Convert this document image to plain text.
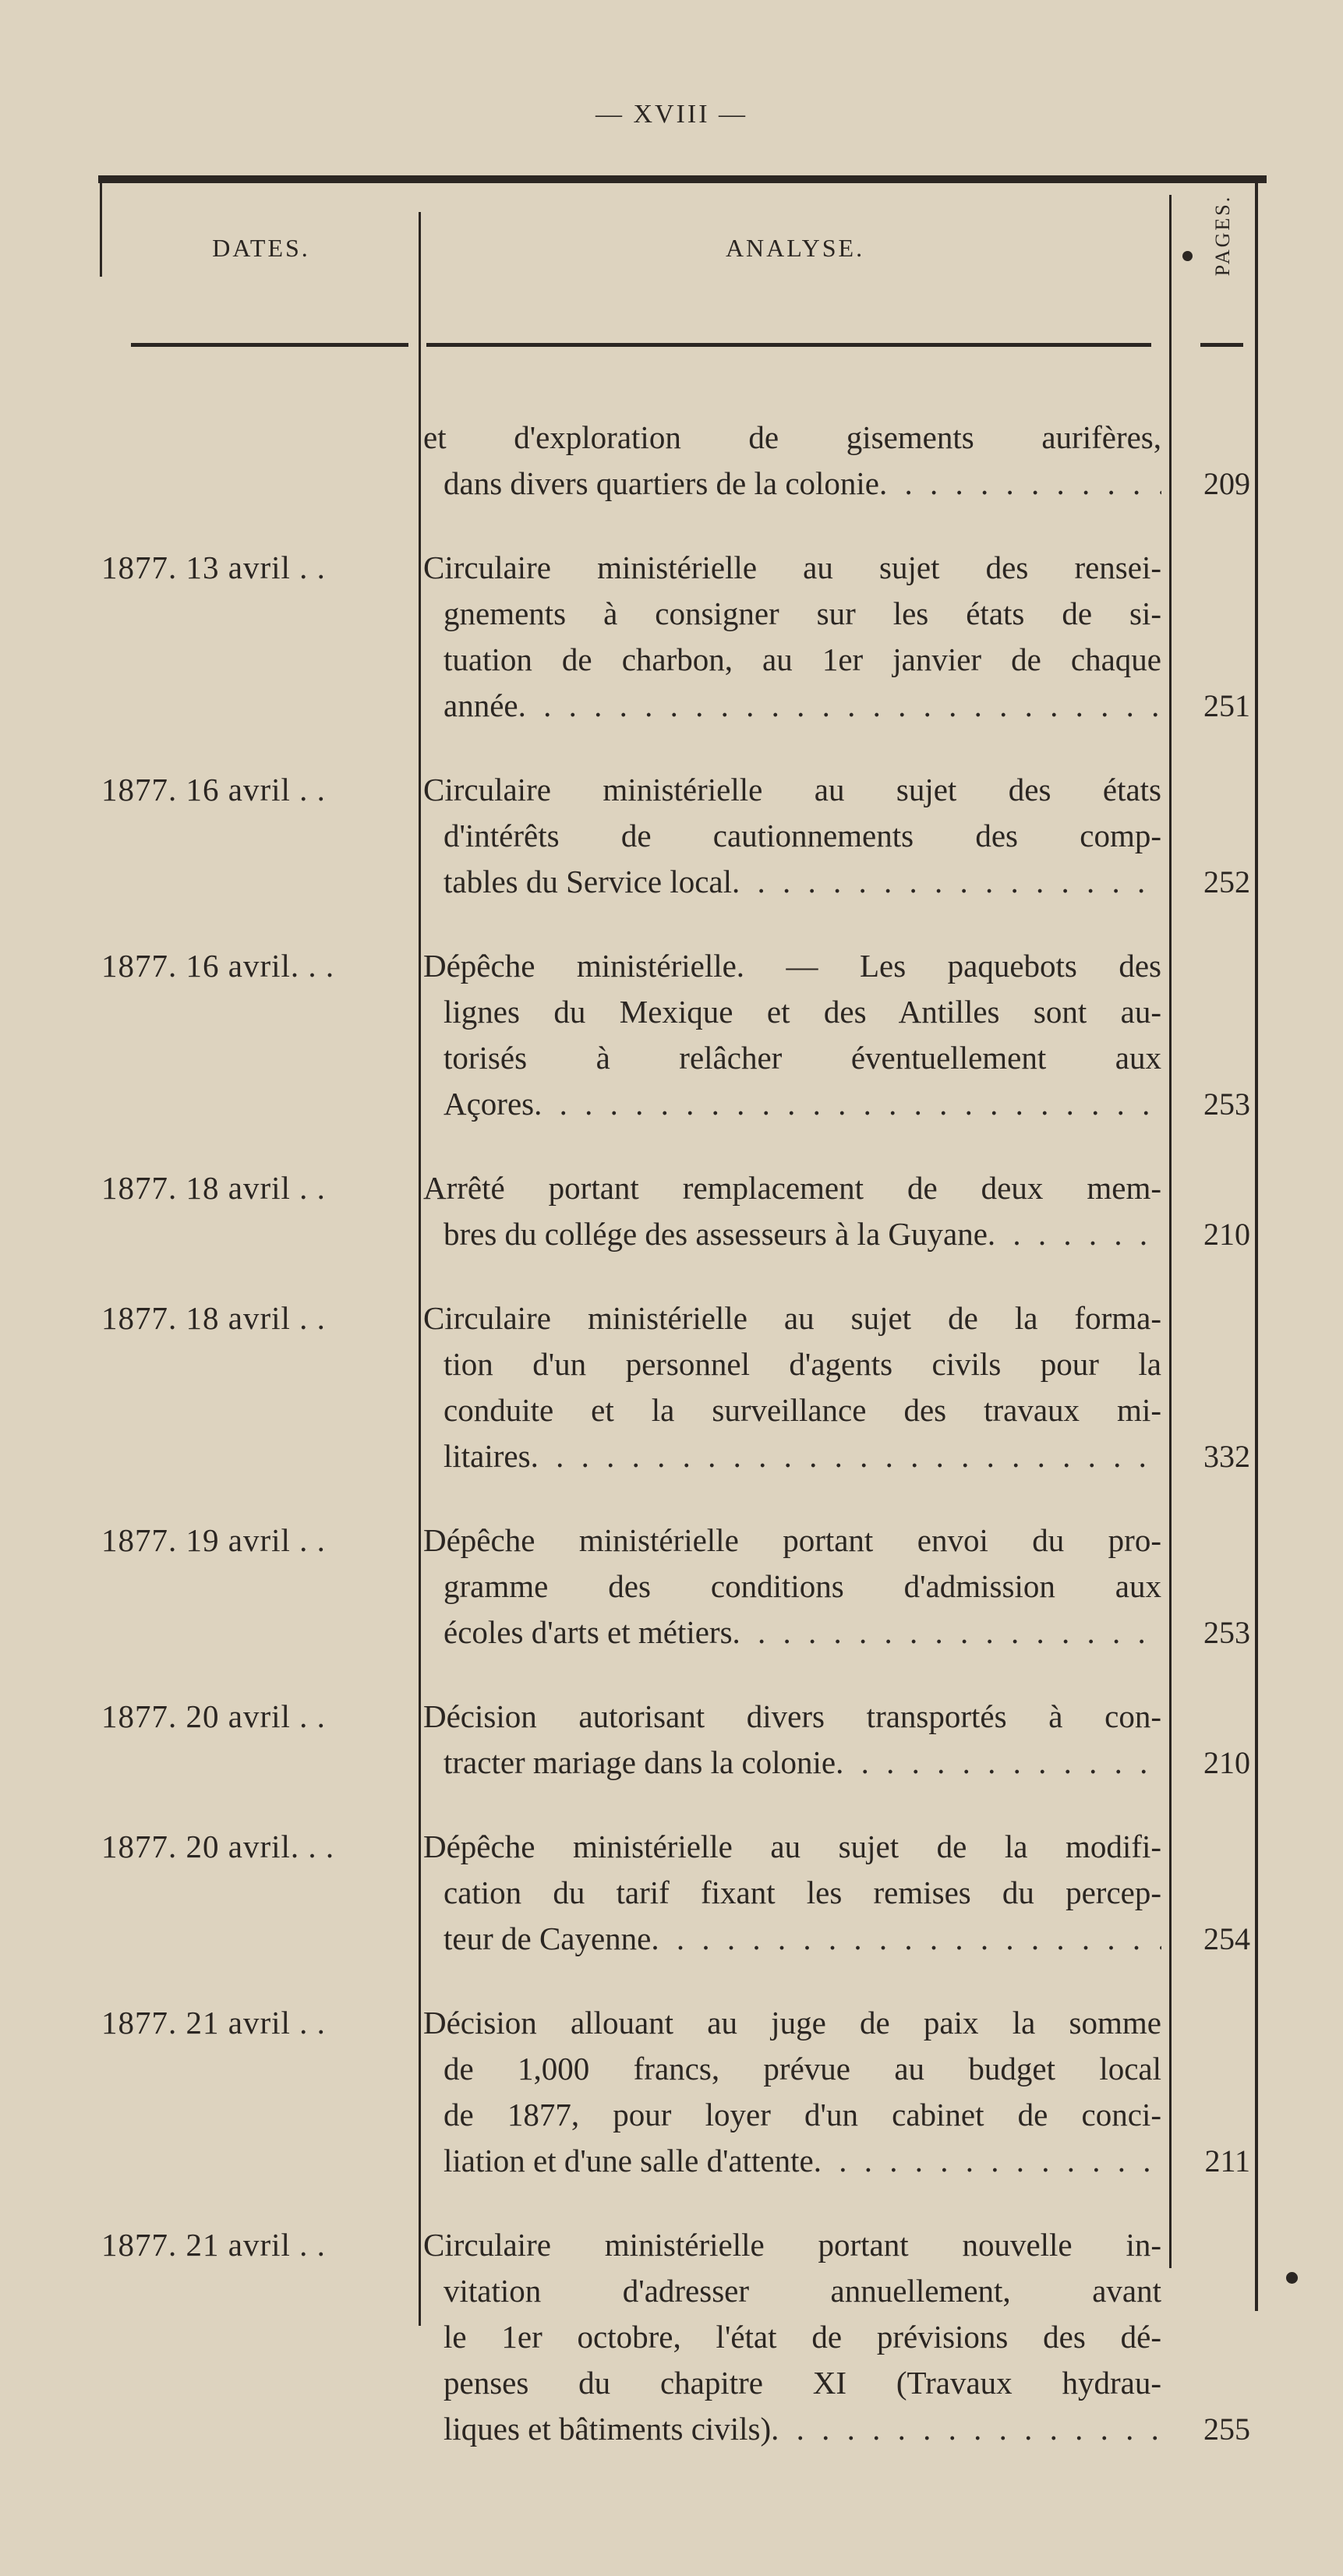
— XVIII —
DATES.	ANALYSE.	PAGES.
et d'exploration de gisements aurifères,
dans divers quartiers de la colonie . . .	209
1877. 13 avril . .	Circulaire ministérielle au sujet des rensei-
gnements à consigner sur les états de si-
tuation de charbon, au 1er janvier de chaque
année . . .	251
1877. 16 avril . .	Circulaire ministérielle au sujet des états
d'intérêts de cautionnements des comp-
tables du Service local . . .	252
1877. 16 avril. . .	Dépêche ministérielle. — Les paquebots des
lignes du Mexique et des Antilles sont au-
torisés à relâcher éventuellement aux
Açores . . .	253
1877. 18 avril . .	Arrêté portant remplacement de deux mem-
bres du collége des assesseurs à la Guyane . . .	210
1877. 18 avril . .	Circulaire ministérielle au sujet de la forma-
tion d'un personnel d'agents civils pour la
conduite et la surveillance des travaux mi-
litaires . . .	332
1877. 19 avril . .	Dépêche ministérielle portant envoi du pro-
gramme des conditions d'admission aux
écoles d'arts et métiers . . .	253
1877. 20 avril . .	Décision autorisant divers transportés à con-
tracter mariage dans la colonie . . .	210
1877. 20 avril. . .	Dépêche ministérielle au sujet de la modifi-
cation du tarif fixant les remises du percep-
teur de Cayenne . . .	254
1877. 21 avril . .	Décision allouant au juge de paix la somme
de 1,000 francs, prévue au budget local
de 1877, pour loyer d'un cabinet de conci-
liation et d'une salle d'attente . . .	211
1877. 21 avril . .	Circulaire ministérielle portant nouvelle in-
vitation d'adresser annuellement, avant
le 1er octobre, l'état de prévisions des dé-
penses du chapitre XI (Travaux hydrau-
liques et bâtiments civils) . . .	255
